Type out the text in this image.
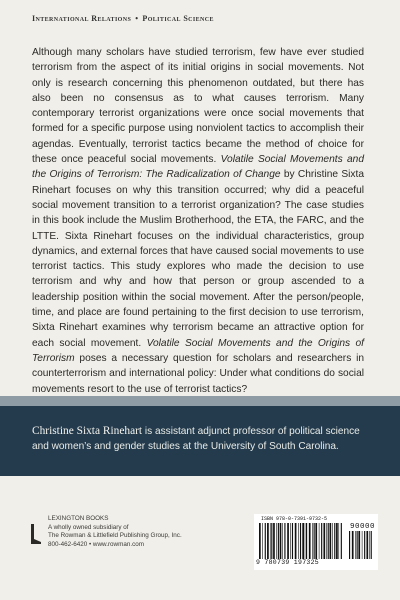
International Relations • Political Science

Although many scholars have studied terrorism, few have ever studied terrorism from the aspect of its initial origins in social movements. Not only is research concerning this phenomenon outdated, but there has also been no consensus as to what causes terrorism. Many contemporary terrorist organizations were once social movements that formed for a specific purpose using nonviolent tactics to accomplish their agendas. Eventually, terrorist tactics became the method of choice for these once peaceful social movements. Volatile Social Movements and the Origins of Terrorism: The Radicalization of Change by Christine Sixta Rinehart focuses on why this transition occurred; why did a peaceful social movement transition to a terrorist organization? The case studies in this book include the Muslim Brotherhood, the ETA, the FARC, and the LTTE. Sixta Rinehart focuses on the individual characteristics, group dynamics, and external forces that have caused social movements to use terrorist tactics. This study explores who made the decision to use terrorism and why and how that person or group ascended to a leadership position within the social movement. After the person/people, time, and place are found pertaining to the first decision to use terrorism, Sixta Rinehart examines why terrorism became an attractive option for each social movement. Volatile Social Movements and the Origins of Terrorism poses a necessary question for scholars and researchers in counterterrorism and international policy: Under what conditions do social movements resort to the use of terrorist tactics?

Christine Sixta Rinehart is assistant adjunct professor of political science and women’s and gender studies at the University of South Carolina.
LEXINGTON BOOKS
A wholly owned subsidiary of
The Rowman & Littlefield Publishing Group, Inc.
800-462-6420 • www.rowman.com
ISBN 978-0-7391-9732-5
90000
9 780739 197325
